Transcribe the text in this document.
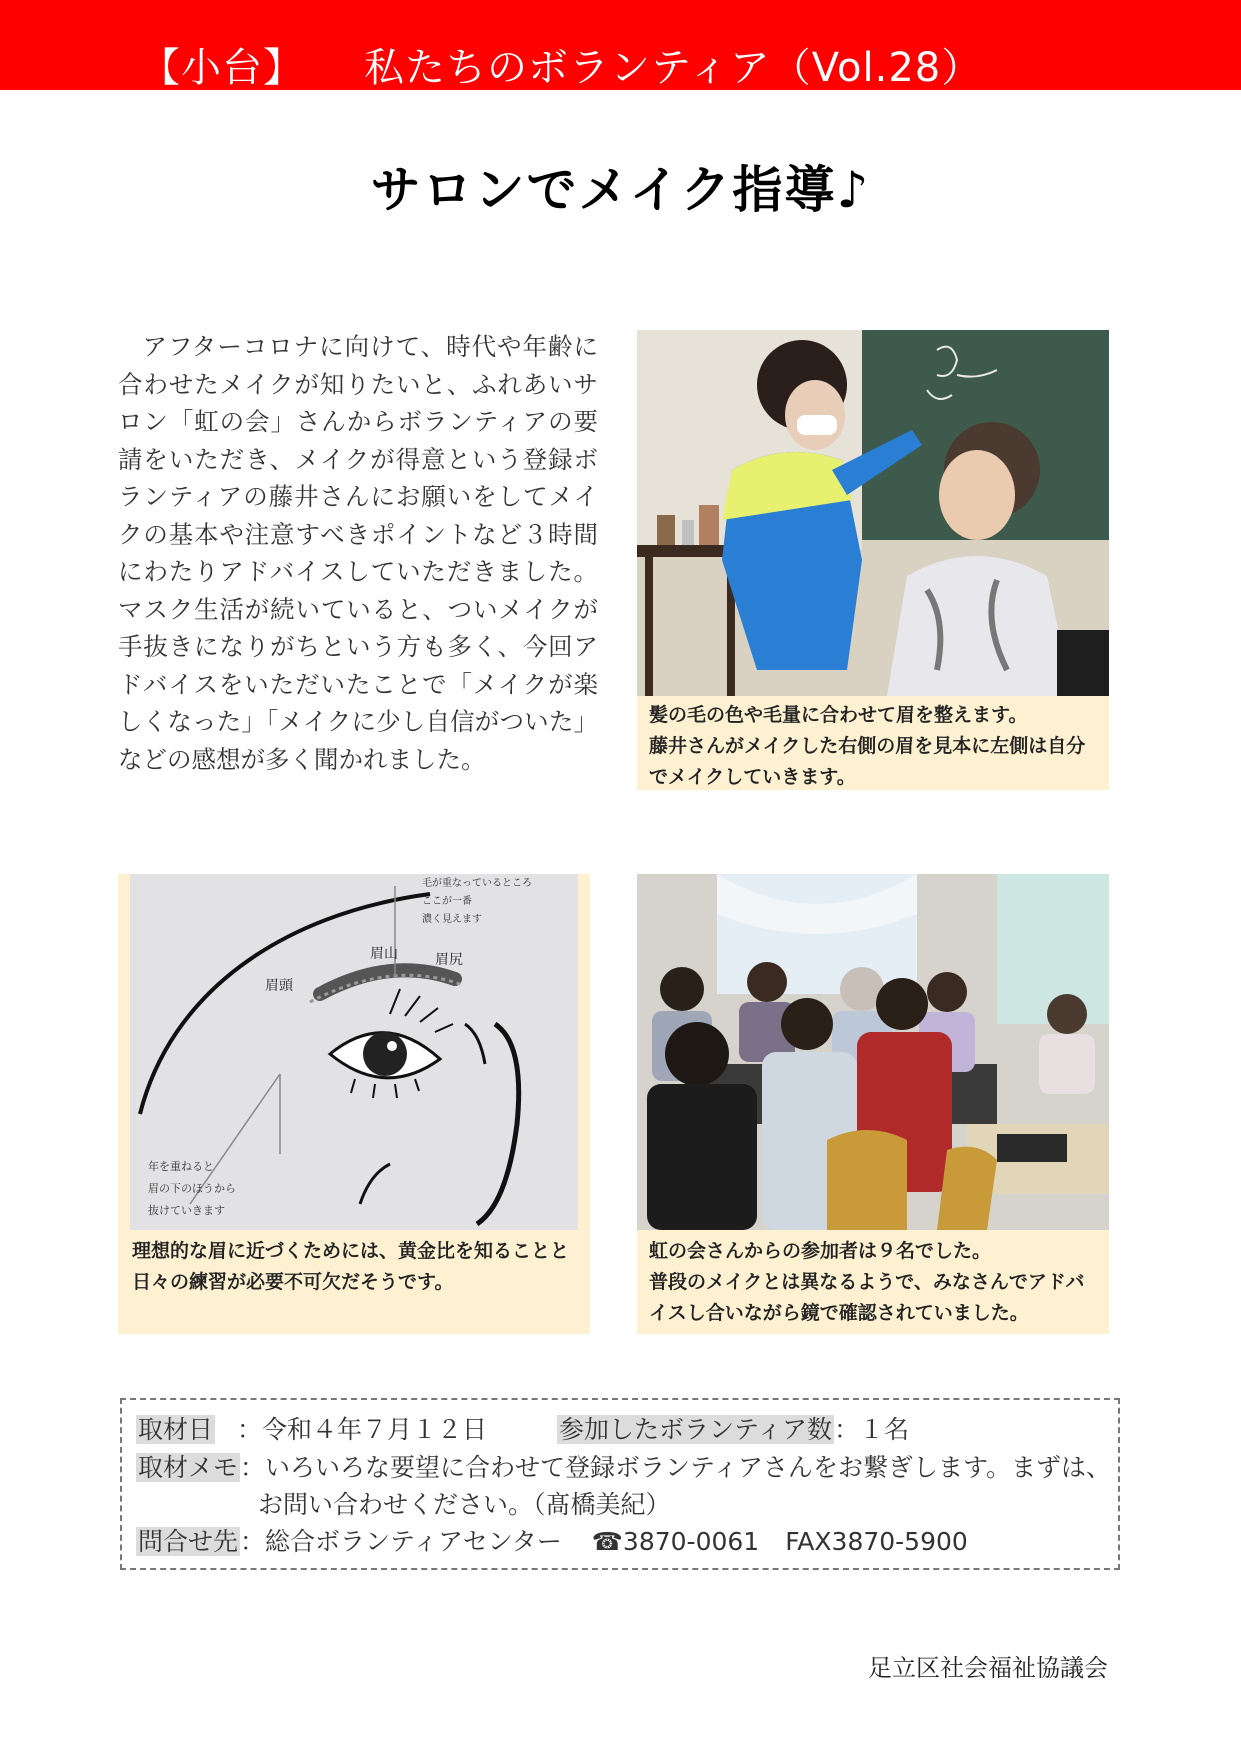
【小台】 私たちのボランティア（Vol.28）
サロンでメイク指導♪
アフターコロナに向けて、時代や年齢に合わせたメイクが知りたいと、ふれあいサロン「虹の会」さんからボランティアの要請をいただき、メイクが得意という登録ボランティアの藤井さんにお願いをしてメイクの基本や注意すべきポイントなど３時間にわたりアドバイスしていただきました。マスク生活が続いていると、ついメイクが手抜きになりがちという方も多く、今回アドバイスをいただいたことで「メイクが楽しくなった」「メイクに少し自信がついた」などの感想が多く聞かれました。
髪の毛の色や毛量に合わせて眉を整えます。
藤井さんがメイクした右側の眉を見本に左側は自分でメイクしていきます。
毛が重なっているところ
ここが一番
濃く見えます
眉山	眉尻
眉頭
年を重ねると
眉の下のほうから
抜けていきます
理想的な眉に近づくためには、黄金比を知ることと
日々の練習が必要不可欠だそうです。
虹の会さんからの参加者は９名でした。
普段のメイクとは異なるようで、みなさんでアドバイスし合いながら鏡で確認されていました。
取材日 ：令和４年７月１２日	参加したボランティア数：１名
取材メモ：いろいろな要望に合わせて登録ボランティアさんをお繋ぎします。まずは、
お問い合わせください。（髙橋美紀）
問合せ先：総合ボランティアセンター ☎3870-0061 FAX3870-5900
足立区社会福祉協議会
